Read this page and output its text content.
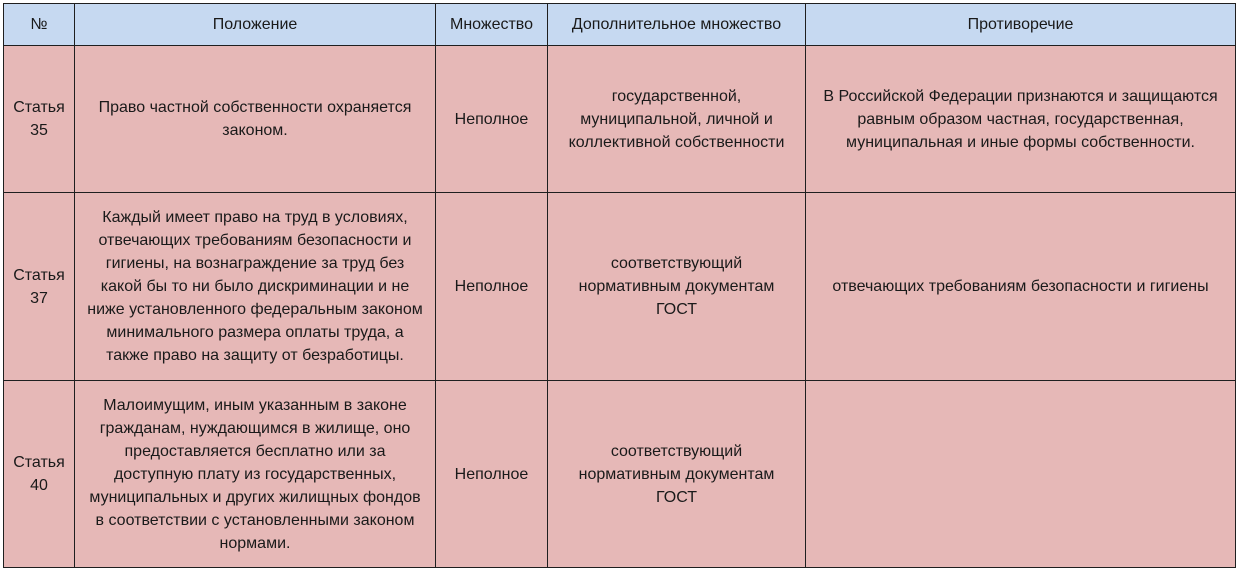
№	Положение	Множество	Дополнительное множество	Противоречие
Статья 35	Право частной собственности охраняется законом.	Неполное	государственной, муниципальной, личной и коллективной собственности	В Российской Федерации признаются и защищаются равным образом частная, государственная, муниципальная и иные формы собственности.
Статья 37	Каждый имеет право на труд в условиях, отвечающих требованиям безопасности и гигиены, на вознаграждение за труд без какой бы то ни было дискриминации и не ниже установленного федеральным законом минимального размера оплаты труда, а также право на защиту от безработицы.	Неполное	соответствующий нормативным документам ГОСТ	отвечающих требованиям безопасности и гигиены
Статья 40	Малоимущим, иным указанным в законе гражданам, нуждающимся в жилище, оно предоставляется бесплатно или за доступную плату из государственных, муниципальных и других жилищных фондов в соответствии с установленными законом нормами.	Неполное	соответствующий нормативным документам ГОСТ	
